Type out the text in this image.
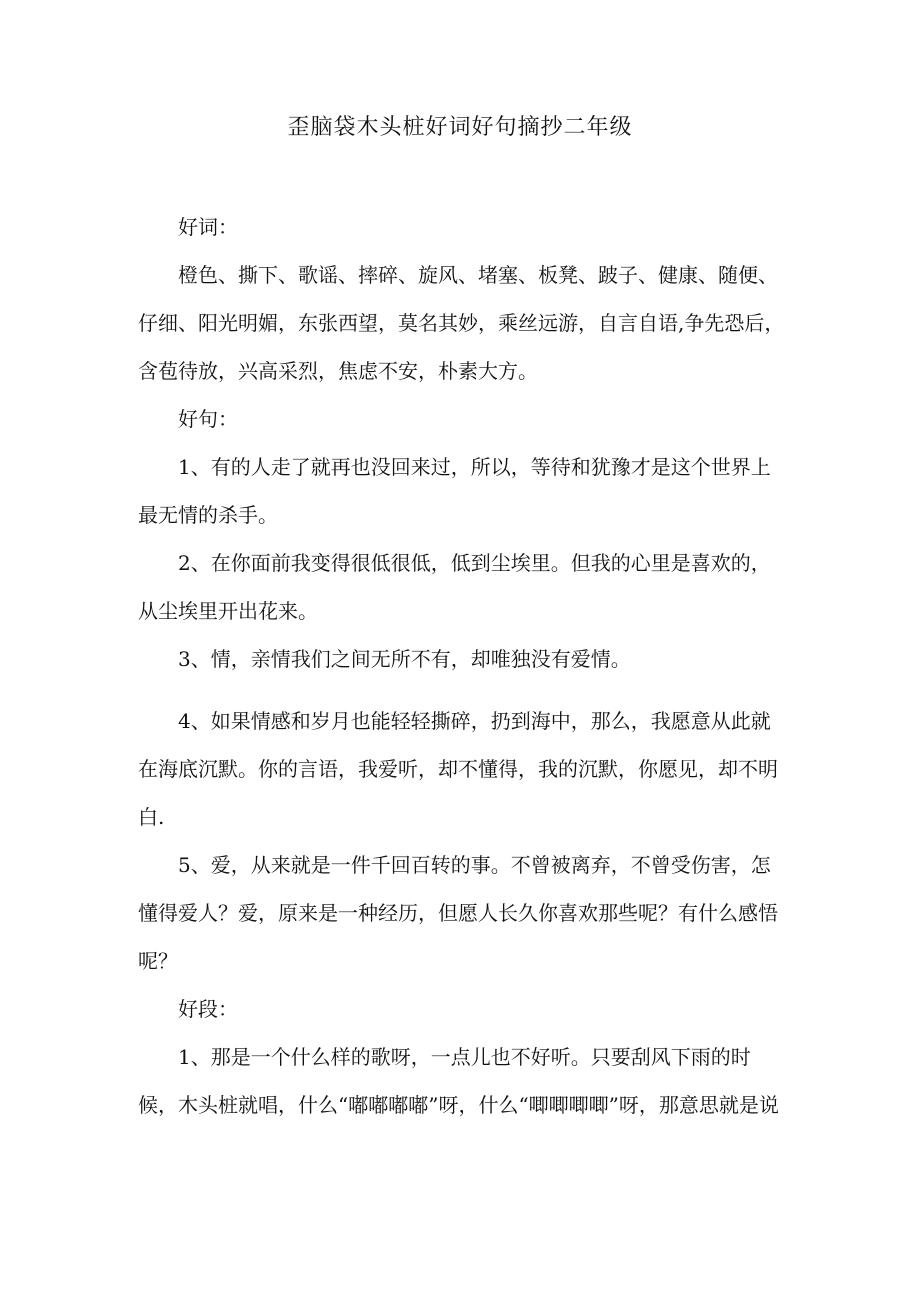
歪脑袋木头桩好词好句摘抄二年级

好词：

橙色、撕下、歌谣、摔碎、旋风、堵塞、板凳、跛子、健康、随便、仔细、阳光明媚，东张西望，莫名其妙，乘丝远游，自言自语,争先恐后，含苞待放，兴高采烈，焦虑不安，朴素大方。

好句：

1、有的人走了就再也没回来过，所以，等待和犹豫才是这个世界上最无情的杀手。

2、在你面前我变得很低很低，低到尘埃里。但我的心里是喜欢的，从尘埃里开出花来。

3、情，亲情我们之间无所不有，却唯独没有爱情。

4、如果情感和岁月也能轻轻撕碎，扔到海中，那么，我愿意从此就在海底沉默。你的言语，我爱听，却不懂得，我的沉默，你愿见，却不明白.

5、爱，从来就是一件千回百转的事。不曾被离弃，不曾受伤害，怎懂得爱人？爱，原来是一种经历，但愿人长久你喜欢那些呢？有什么感悟呢？

好段：

1、那是一个什么样的歌呀，一点儿也不好听。只要刮风下雨的时候，木头桩就唱，什么“嘟嘟嘟嘟”呀，什么“唧唧唧唧”呀，那意思就是说
